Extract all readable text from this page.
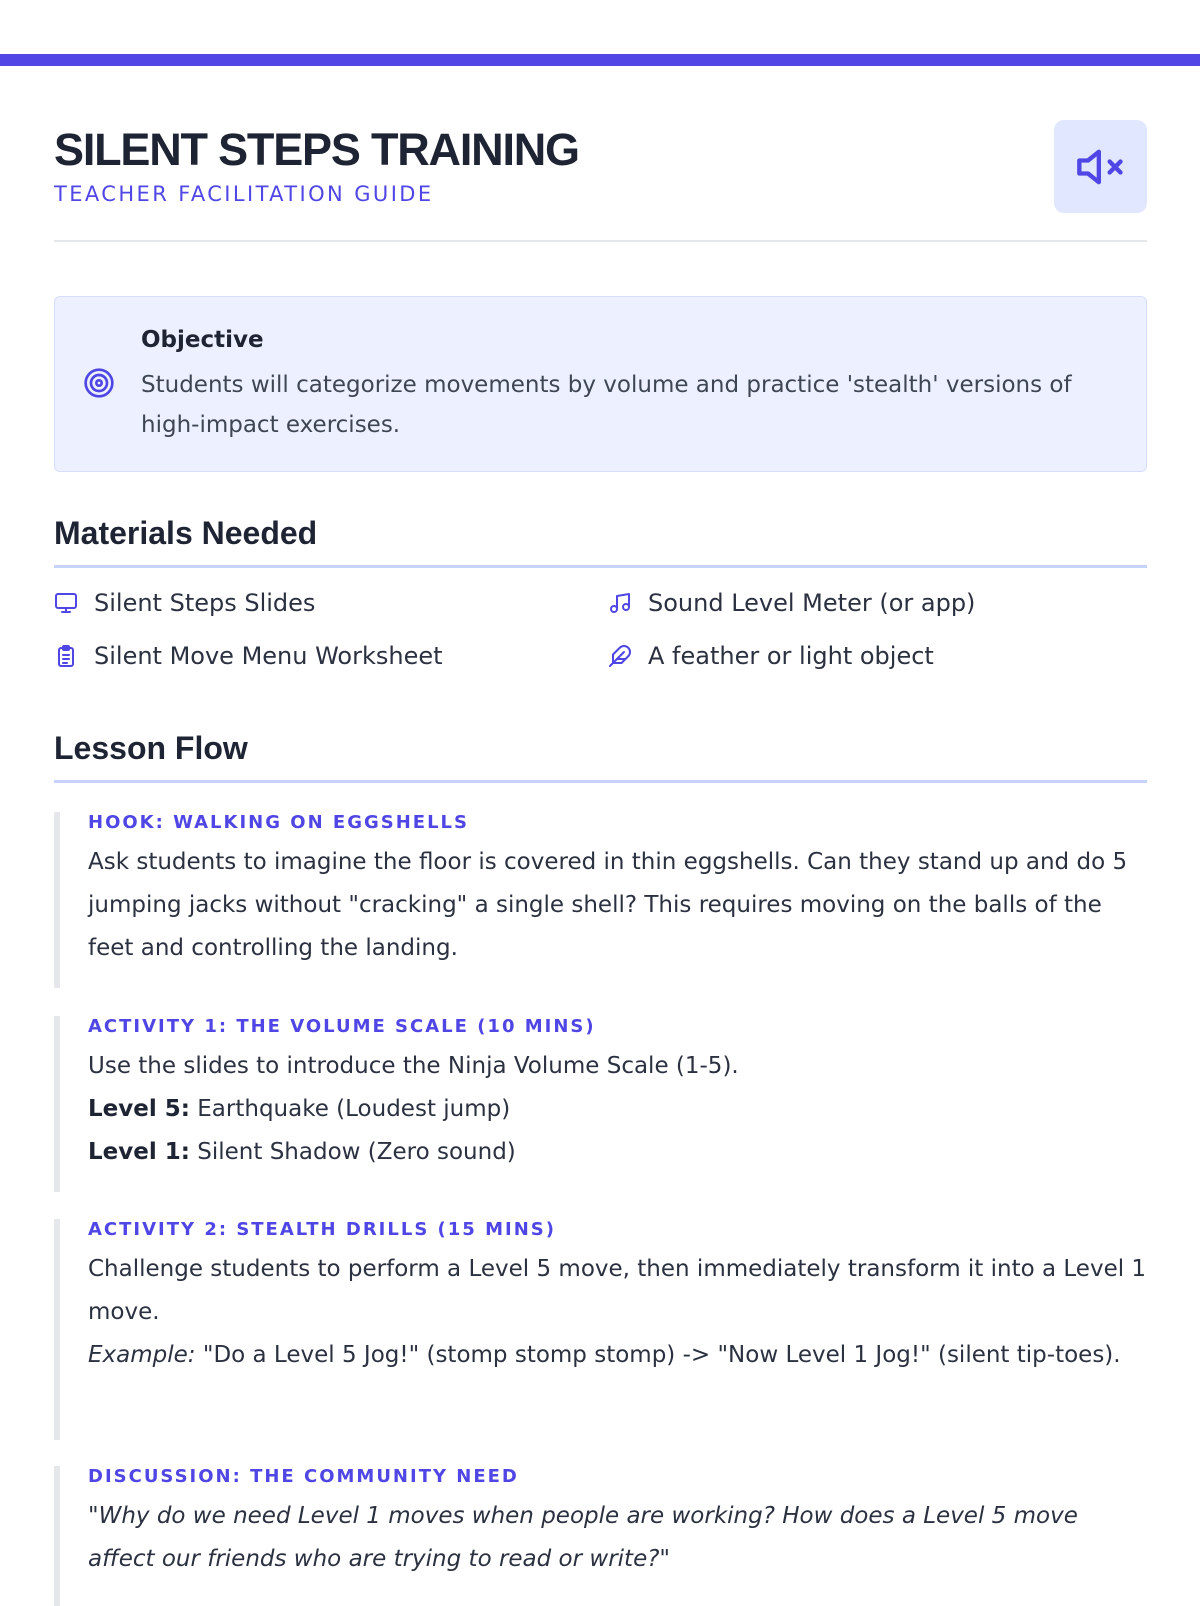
SILENT STEPS TRAINING
TEACHER FACILITATION GUIDE
Objective
Students will categorize movements by volume and practice 'stealth' versions of high-impact exercises.
Materials Needed
Silent Steps Slides	Sound Level Meter (or app)
Silent Move Menu Worksheet	A feather or light object
Lesson Flow
HOOK: WALKING ON EGGSHELLS
Ask students to imagine the floor is covered in thin eggshells. Can they stand up and do 5 jumping jacks without "cracking" a single shell? This requires moving on the balls of the feet and controlling the landing.
ACTIVITY 1: THE VOLUME SCALE (10 MINS)
Use the slides to introduce the Ninja Volume Scale (1-5).
Level 5: Earthquake (Loudest jump)
Level 1: Silent Shadow (Zero sound)
ACTIVITY 2: STEALTH DRILLS (15 MINS)
Challenge students to perform a Level 5 move, then immediately transform it into a Level 1 move.
Example: "Do a Level 5 Jog!" (stomp stomp stomp) -> "Now Level 1 Jog!" (silent tip-toes).
DISCUSSION: THE COMMUNITY NEED
"Why do we need Level 1 moves when people are working? How does a Level 5 move affect our friends who are trying to read or write?"
